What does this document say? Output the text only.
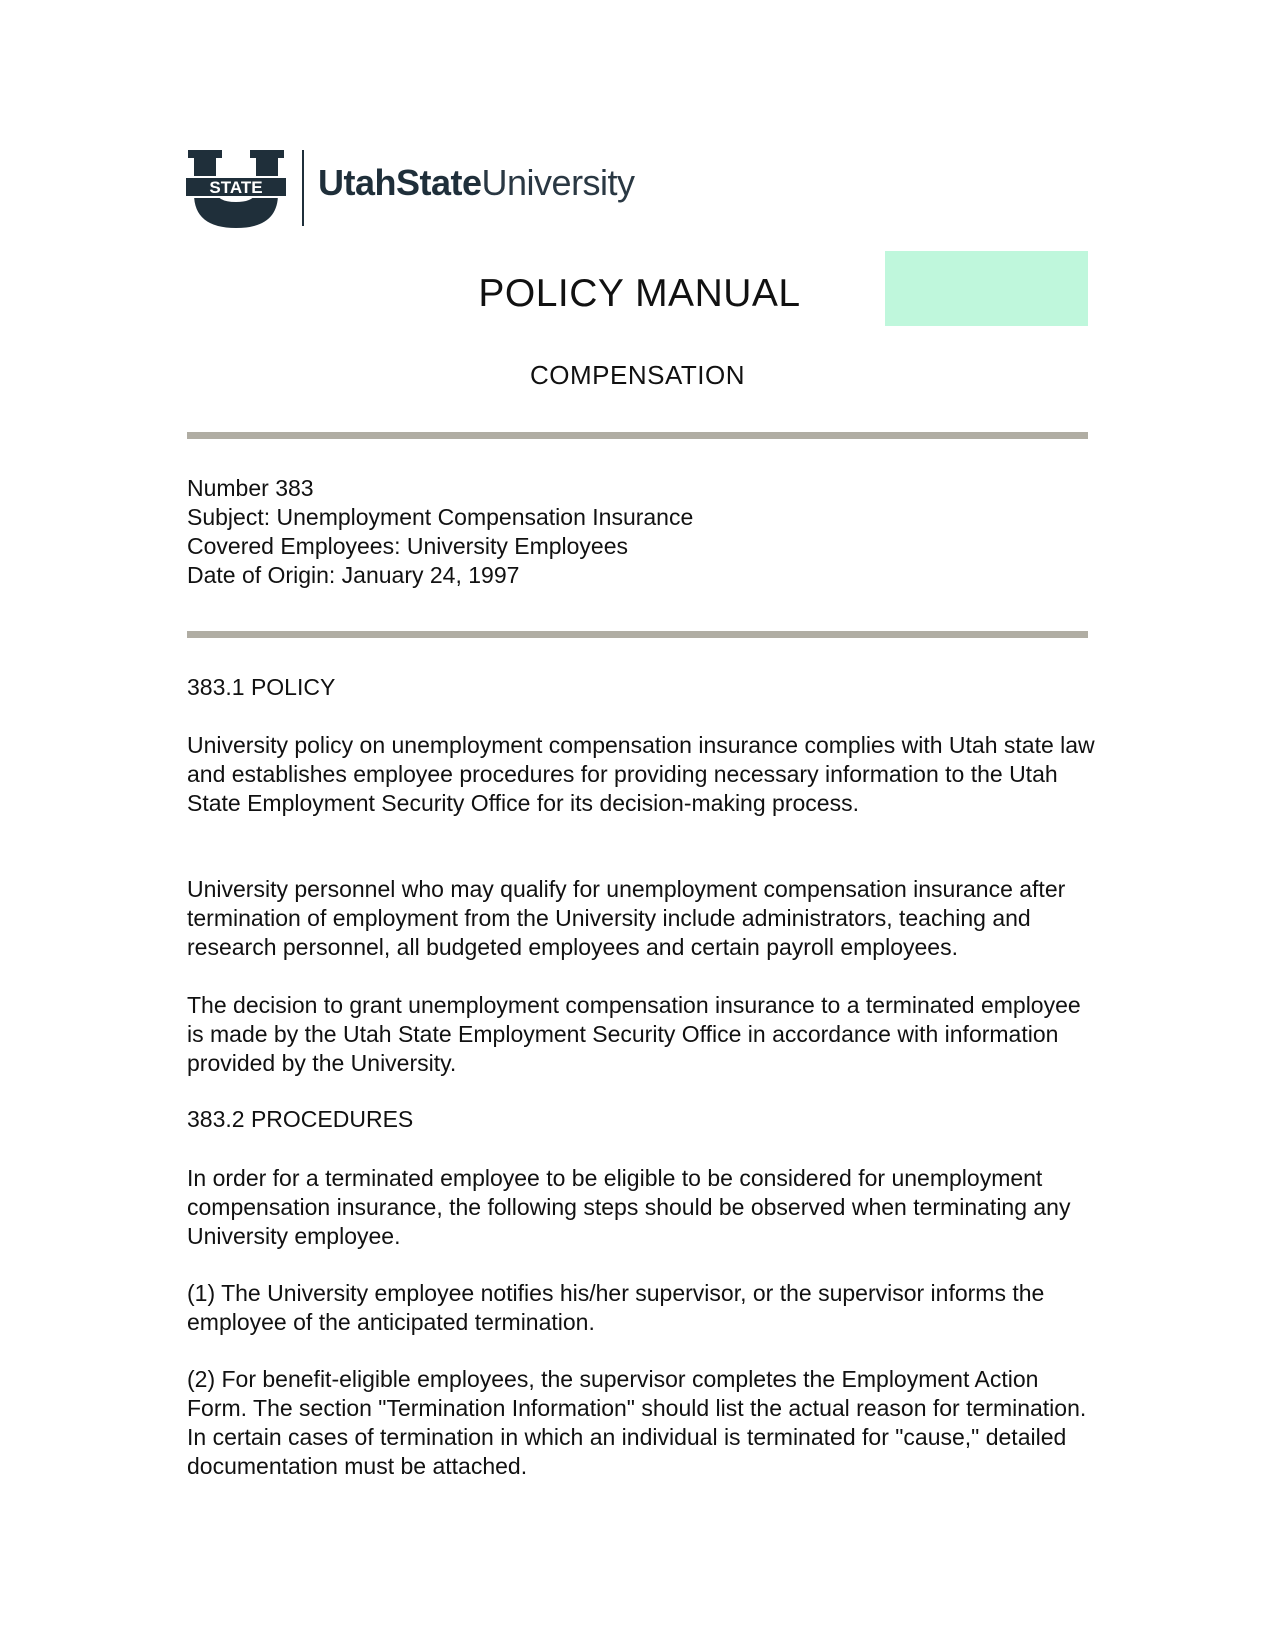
STATE UtahStateUniversity
POLICY MANUAL
COMPENSATION
Number 383
Subject: Unemployment Compensation Insurance
Covered Employees: University Employees
Date of Origin: January 24, 1997
383.1 POLICY

University policy on unemployment compensation insurance complies with Utah state law and establishes employee procedures for providing necessary information to the Utah State Employment Security Office for its decision-making process.

University personnel who may qualify for unemployment compensation insurance after termination of employment from the University include administrators, teaching and research personnel, all budgeted employees and certain payroll employees.

The decision to grant unemployment compensation insurance to a terminated employee is made by the Utah State Employment Security Office in accordance with information provided by the University.

383.2 PROCEDURES

In order for a terminated employee to be eligible to be considered for unemployment compensation insurance, the following steps should be observed when terminating any University employee.

(1) The University employee notifies his/her supervisor, or the supervisor informs the employee of the anticipated termination.

(2) For benefit-eligible employees, the supervisor completes the Employment Action Form. The section "Termination Information" should list the actual reason for termination. In certain cases of termination in which an individual is terminated for "cause," detailed documentation must be attached.
